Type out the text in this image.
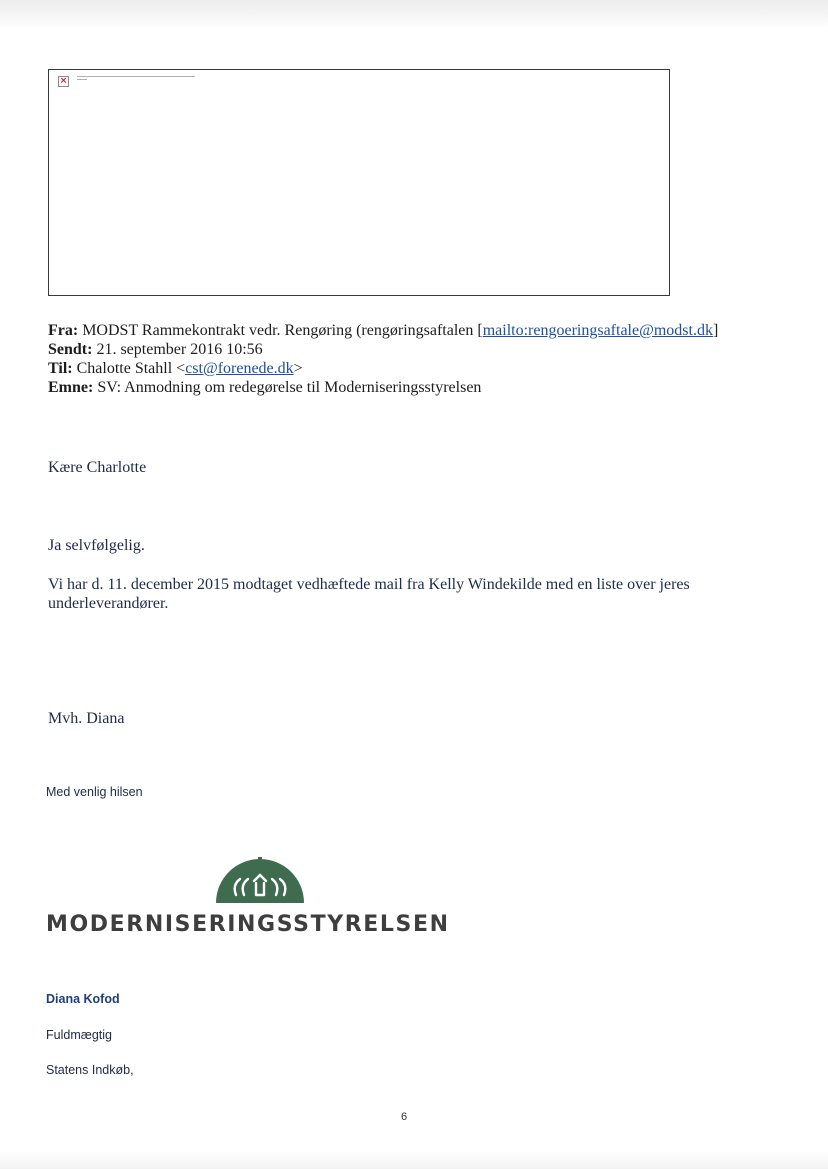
×
Fra: MODST Rammekontrakt vedr. Rengøring (rengøringsaftalen [mailto:rengoeringsaftale@modst.dk]
Sendt: 21. september 2016 10:56
Til: Chalotte Stahll <cst@forenede.dk>
Emne: SV: Anmodning om redegørelse til Moderniseringsstyrelsen
Kære Charlotte
Ja selvfølgelig.
Vi har d. 11. december 2015 modtaget vedhæftede mail fra Kelly Windekilde med en liste over jeres underleverandører.
Mvh. Diana
Med venlig hilsen
MODERNISERINGSSTYRELSEN
Diana Kofod
Fuldmægtig
Statens Indkøb,
6
